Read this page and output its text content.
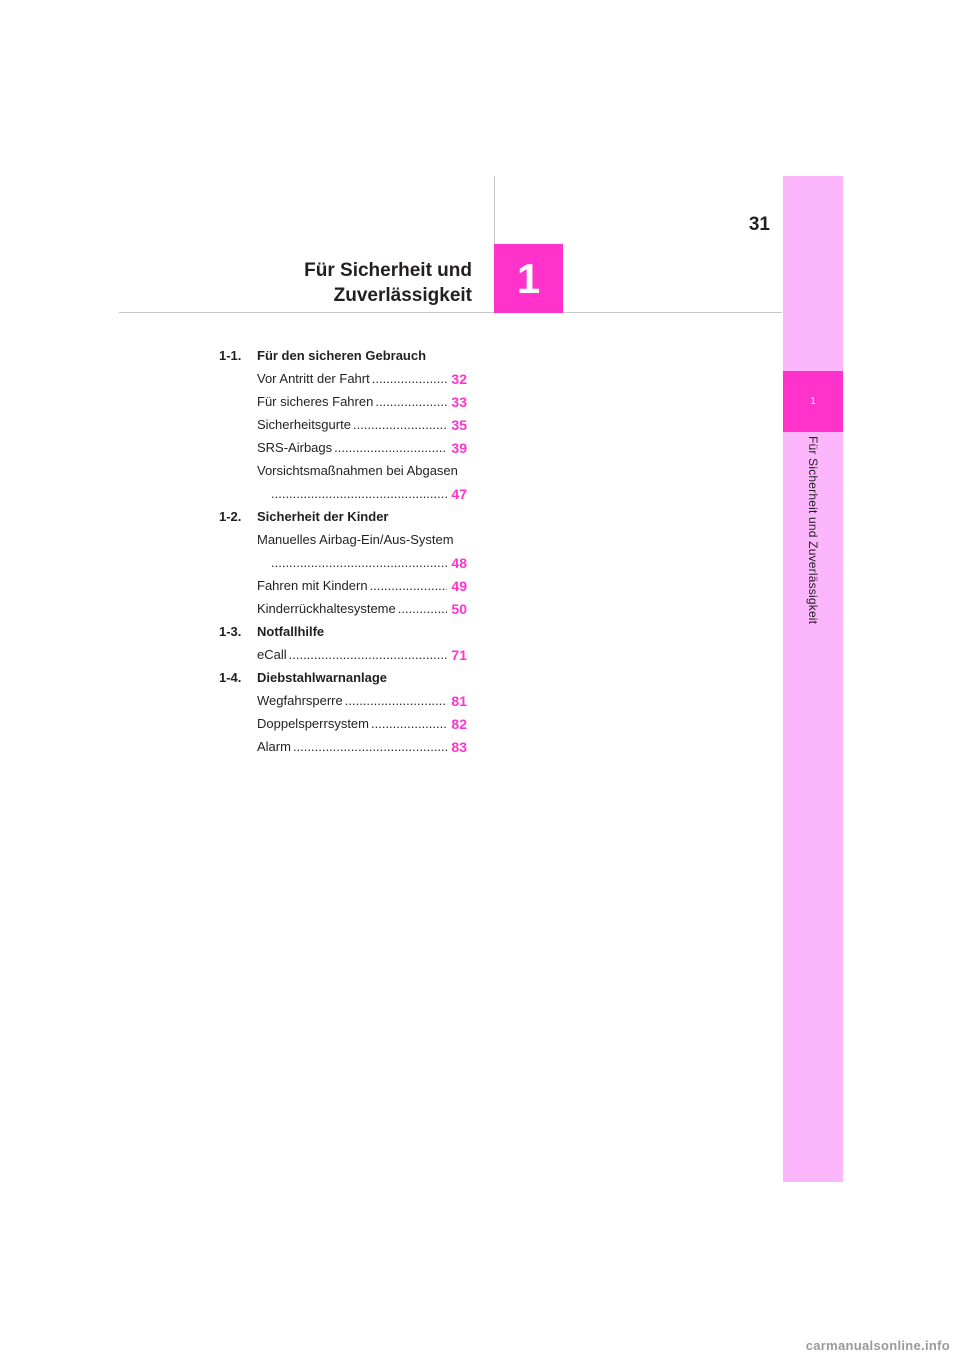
1
Für Sicherheit und Zuverlässigkeit
31
Für Sicherheit und
Zuverlässigkeit 1
1-1.	Für den sicheren Gebrauch
Vor Antritt der Fahrt .....	32
Für sicheres Fahren .....	33
Sicherheitsgurte .....	35
SRS-Airbags .....	39
Vorsichtsmaßnahmen bei Abgasen
.....
47
1-2.	Sicherheit der Kinder
Manuelles Airbag-Ein/Aus-System
.....
48
Fahren mit Kindern .....	49
Kinderrückhaltesysteme .....	50
1-3.	Notfallhilfe
eCall .....	71
1-4.	Diebstahlwarnanlage
Wegfahrsperre .....	81
Doppelsperrsystem .....	82
Alarm .....	83
carmanualsonline.info
